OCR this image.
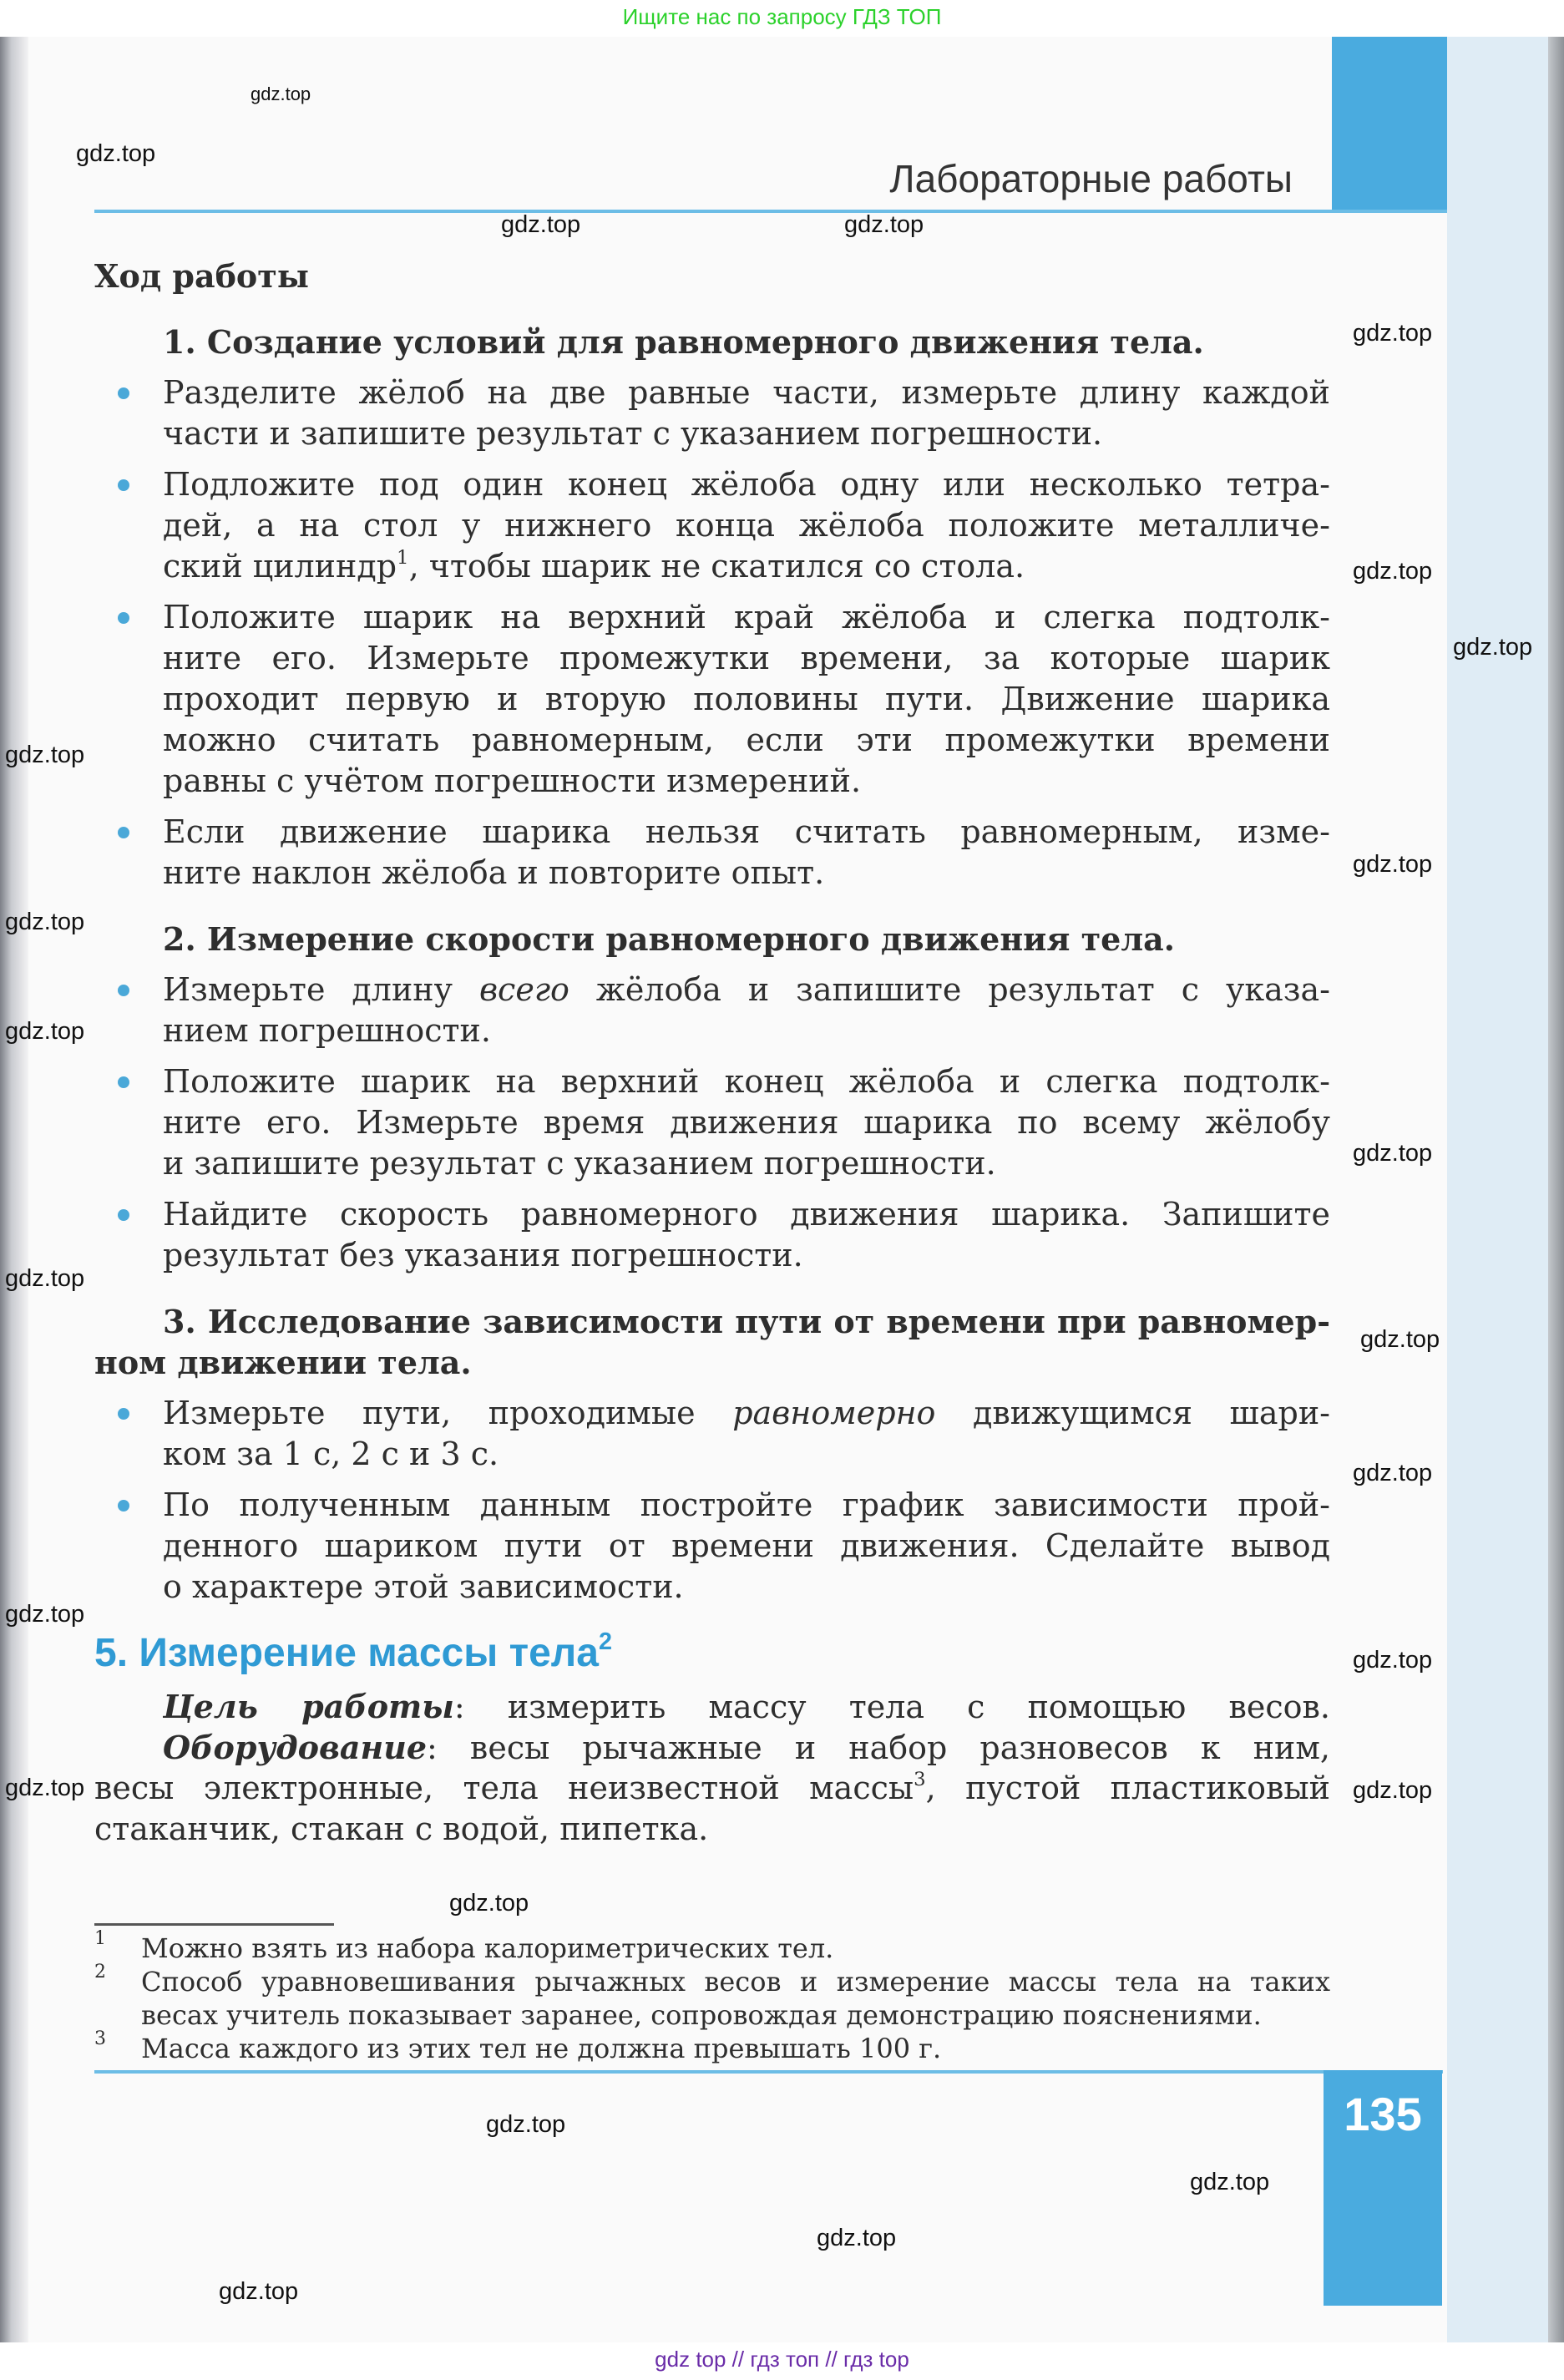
Ищите нас по запросу ГДЗ ТОП
Лабораторные работы
Ход работы
1. Создание условий для равномерного движения тела.
Разделите жёлоб на две равные части, измерьте длину каждой
части и запишите результат с указанием погрешности.
Подложите под один конец жёлоба одну или несколько тетра-
дей, а на стол у нижнего конца жёлоба положите металличе-
ский цилиндр$^1$, чтобы шарик не скатился со стола.
Положите шарик на верхний край жёлоба и слегка подтолк-
ните его. Измерьте промежутки времени, за которые шарик
проходит первую и вторую половины пути. Движение шарика
можно считать равномерным, если эти промежутки времени
равны с учётом погрешности измерений.
Если движение шарика нельзя считать равномерным, изме-
ните наклон жёлоба и повторите опыт.
2. Измерение скорости равномерного движения тела.
Измерьте длину всего жёлоба и запишите результат с указа-
нием погрешности.
Положите шарик на верхний конец жёлоба и слегка подтолк-
ните его. Измерьте время движения шарика по всему жёлобу
и запишите результат с указанием погрешности.
Найдите скорость равномерного движения шарика. Запишите
результат без указания погрешности.
3. Исследование зависимости пути от времени при равномер-
ном движении тела.
Измерьте пути, проходимые равномерно движущимся шари-
ком за 1 с, 2 с и 3 с.
По полученным данным постройте график зависимости прой-
денного шариком пути от времени движения. Сделайте вывод
о характере этой зависимости.
5. Измерение массы тела$^2$
Цель работы: измерить массу тела с помощью весов.
Оборудование: весы рычажные и набор разновесов к ним,
весы электронные, тела неизвестной массы$^3$, пустой пластиковый
стаканчик, стакан с водой, пипетка.
1 Можно взять из набора калориметрических тел.
2 Способ уравновешивания рычажных весов и измерение массы тела на таких
весах учитель показывает заранее, сопровождая демонстрацию пояснениями.
3 Масса каждого из этих тел не должна превышать 100 г.
135
gdz top // гдз топ // гдз top
gdz.top
gdz.top
gdz.top
gdz.top
gdz.top
gdz.top
gdz.top
gdz.top
gdz.top
gdz.top
gdz.top
gdz.top
gdz.top
gdz.top
gdz.top
gdz.top
gdz.top
gdz.top
gdz.top
gdz.top
gdz.top
gdz.top
gdz.top
gdz.top
